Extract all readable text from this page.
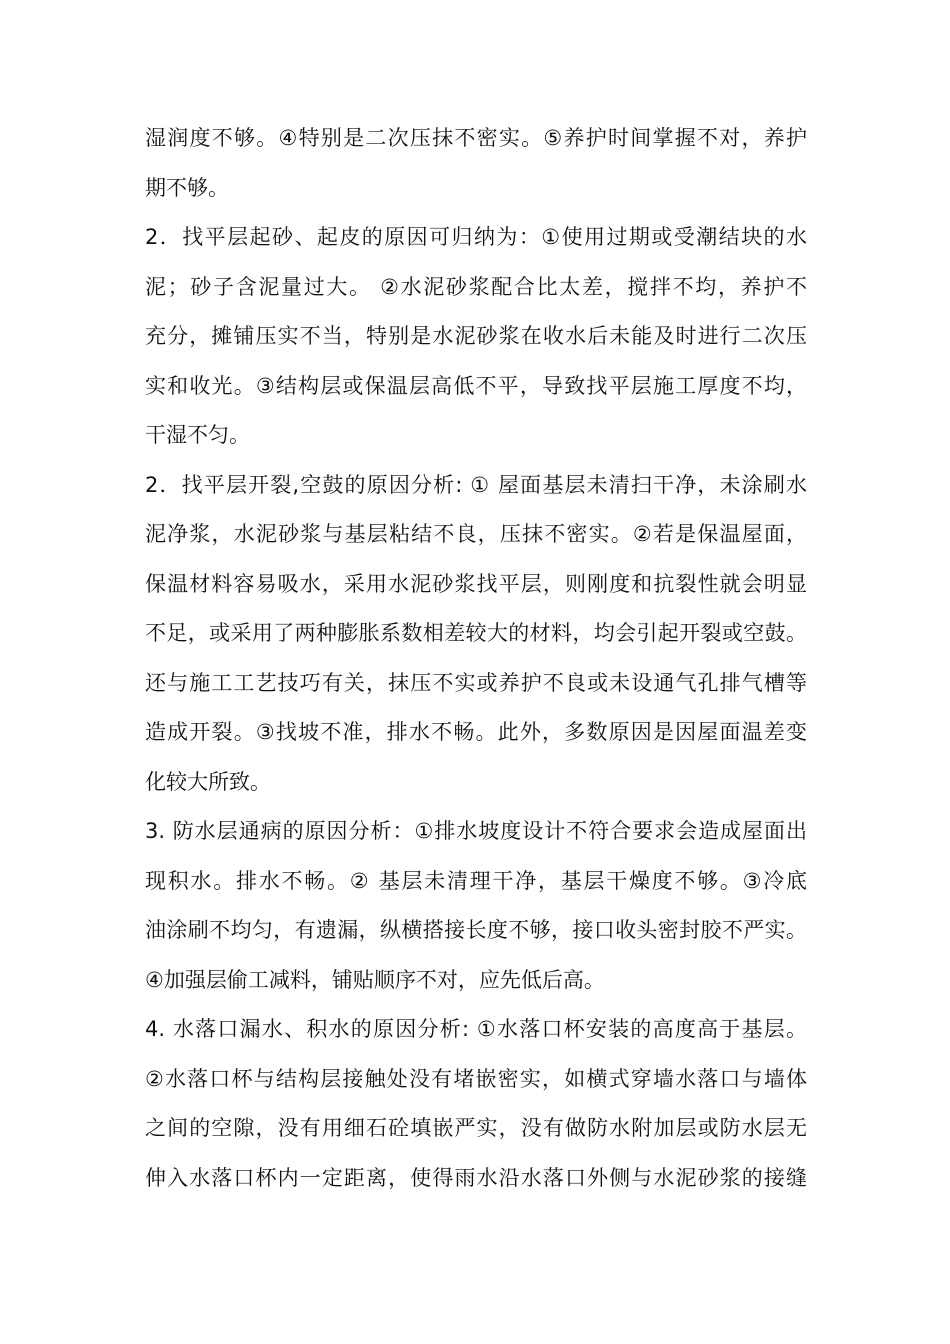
湿润度不够。④特别是二次压抹不密实。⑤养护时间掌握不对，养护
期不够。
2．找平层起砂、起皮的原因可归纳为：①使用过期或受潮结块的水
泥；砂子含泥量过大。 ②水泥砂浆配合比太差，搅拌不均，养护不
充分，摊铺压实不当，特别是水泥砂浆在收水后未能及时进行二次压
实和收光。③结构层或保温层高低不平，导致找平层施工厚度不均，
干湿不匀。
2．找平层开裂,空鼓的原因分析: ① 屋面基层未清扫干净，未涂刷水
泥净浆，水泥砂浆与基层粘结不良，压抹不密实。②若是保温屋面，
保温材料容易吸水，采用水泥砂浆找平层，则刚度和抗裂性就会明显
不足，或采用了两种膨胀系数相差较大的材料，均会引起开裂或空鼓。
还与施工工艺技巧有关，抹压不实或养护不良或未设通气孔排气槽等
造成开裂。③找坡不准，排水不畅。此外，多数原因是因屋面温差变
化较大所致。
3. 防水层通病的原因分析：①排水坡度设计不符合要求会造成屋面出
现积水。排水不畅。② 基层未清理干净，基层干燥度不够。③冷底
油涂刷不均匀，有遗漏，纵横搭接长度不够，接口收头密封胶不严实。
④加强层偷工减料，铺贴顺序不对，应先低后高。
4. 水落口漏水、积水的原因分析: ①水落口杯安装的高度高于基层。
②水落口杯与结构层接触处没有堵嵌密实，如横式穿墙水落口与墙体
之间的空隙，没有用细石砼填嵌严实，没有做防水附加层或防水层无
伸入水落口杯内一定距离，使得雨水沿水落口外侧与水泥砂浆的接缝
